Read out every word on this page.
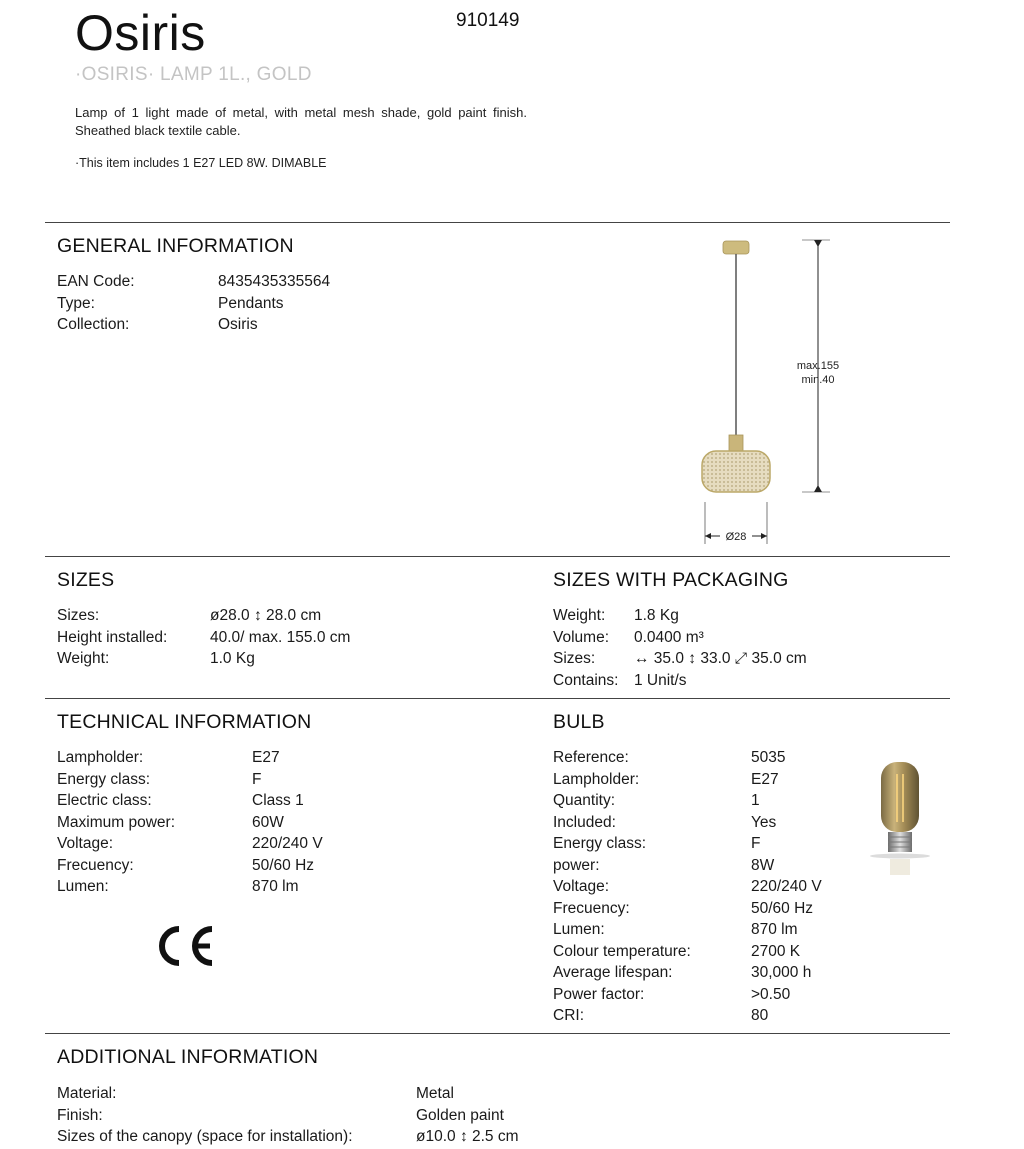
Osiris	910149
·OSIRIS· LAMP 1L., GOLD
Lamp of 1 light made of metal, with metal mesh shade, gold paint finish. Sheathed black textile cable.
·This item includes 1 E27 LED 8W. DIMABLE
GENERAL INFORMATION
EAN Code:	8435435335564
Type:	Pendants
Collection:	Osiris
max.155
min.40
Ø28
SIZES
Sizes:	ø28.0 ↕ 28.0 cm
Height installed:	40.0/ max. 155.0 cm
Weight:	1.0 Kg
SIZES WITH PACKAGING
Weight:	1.8 Kg
Volume:	0.0400 m³
Sizes:	↔ 35.0 ↕ 33.0 ⤢ 35.0 cm
Contains:	1 Unit/s
TECHNICAL INFORMATION
Lampholder:	E27
Energy class:	F
Electric class:	Class 1
Maximum power:	60W
Voltage:	220/240 V
Frecuency:	50/60 Hz
Lumen:	870 lm
BULB
Reference:	5035
Lampholder:	E27
Quantity:	1
Included:	Yes
Energy class:	F
power:	8W
Voltage:	220/240 V
Frecuency:	50/60 Hz
Lumen:	870 lm
Colour temperature:	2700 K
Average lifespan:	30,000 h
Power factor:	>0.50
CRI:	80
ADDITIONAL INFORMATION
Material:	Metal
Finish:	Golden paint
Sizes of the canopy (space for installation):	ø10.0 ↕ 2.5 cm
